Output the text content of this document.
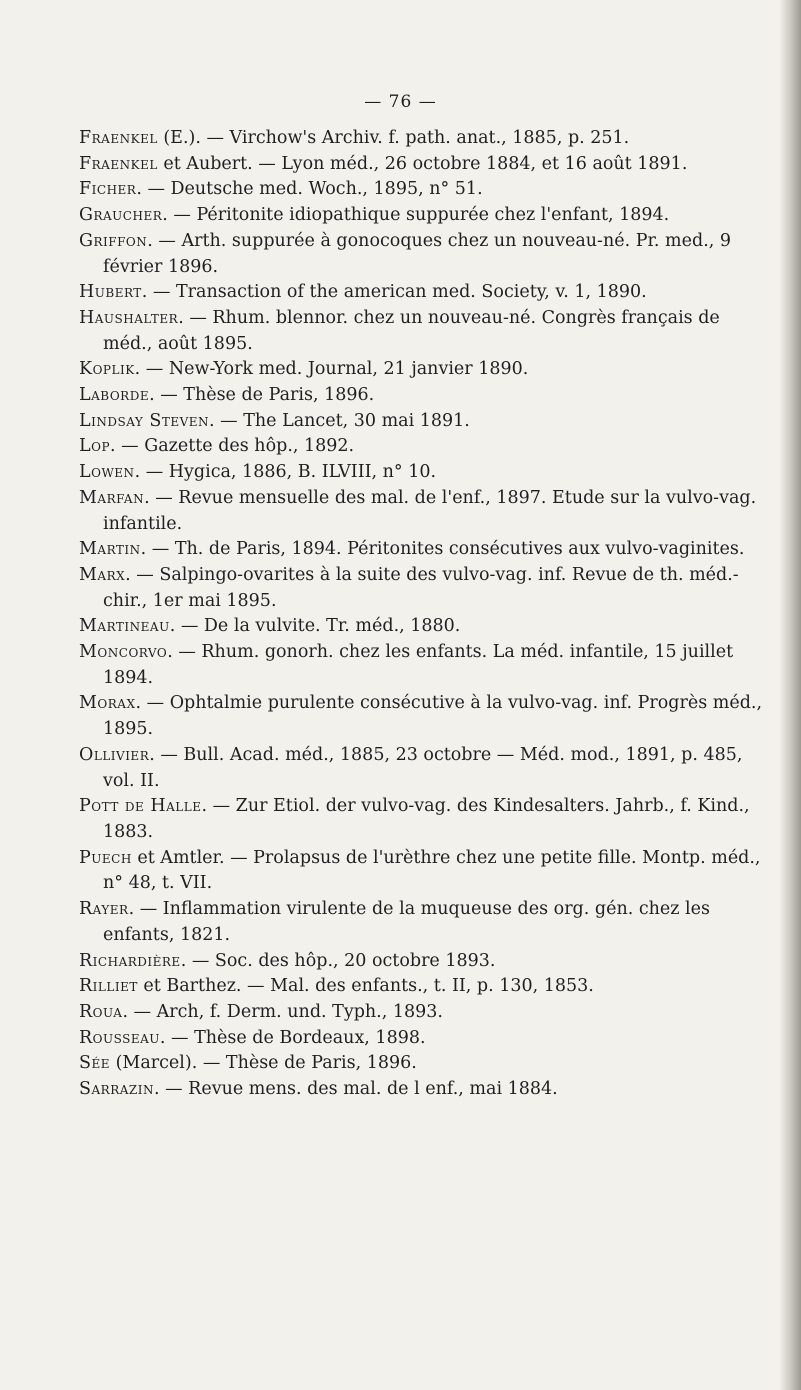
— 76 —
Fraenkel (E.). — Virchow's Archiv. f. path. anat., 1885, p. 251.
Fraenkel et Aubert. — Lyon méd., 26 octobre 1884, et 16 août 1891.
Ficher. — Deutsche med. Woch., 1895, n° 51.
Graucher. — Péritonite idiopathique suppurée chez l'enfant, 1894.
Griffon. — Arth. suppurée à gonocoques chez un nouveau-né. Pr. med., 9 février 1896.
Hubert. — Transaction of the american med. Society, v. 1, 1890.
Haushalter. — Rhum. blennor. chez un nouveau-né. Congrès français de méd., août 1895.
Koplik. — New-York med. Journal, 21 janvier 1890.
Laborde. — Thèse de Paris, 1896.
Lindsay Steven. — The Lancet, 30 mai 1891.
Lop. — Gazette des hôp., 1892.
Lowen. — Hygica, 1886, B. ILVIII, n° 10.
Marfan. — Revue mensuelle des mal. de l'enf., 1897. Etude sur la vulvo-vag. infantile.
Martin. — Th. de Paris, 1894. Péritonites consécutives aux vulvo-vaginites.
Marx. — Salpingo-ovarites à la suite des vulvo-vag. inf. Revue de th. méd.-chir., 1er mai 1895.
Martineau. — De la vulvite. Tr. méd., 1880.
Moncorvo. — Rhum. gonorh. chez les enfants. La méd. infantile, 15 juillet 1894.
Morax. — Ophtalmie purulente consécutive à la vulvo-vag. inf. Progrès méd., 1895.
Ollivier. — Bull. Acad. méd., 1885, 23 octobre — Méd. mod., 1891, p. 485, vol. II.
Pott de Halle. — Zur Etiol. der vulvo-vag. des Kindesalters. Jahrb., f. Kind., 1883.
Puech et Amtler. — Prolapsus de l'urèthre chez une petite fille. Montp. méd., n° 48, t. VII.
Rayer. — Inflammation virulente de la muqueuse des org. gén. chez les enfants, 1821.
Richardière. — Soc. des hôp., 20 octobre 1893.
Rilliet et Barthez. — Mal. des enfants., t. II, p. 130, 1853.
Roua. — Arch, f. Derm. und. Typh., 1893.
Rousseau. — Thèse de Bordeaux, 1898.
Sée (Marcel). — Thèse de Paris, 1896.
Sarrazin. — Revue mens. des mal. de l enf., mai 1884.
